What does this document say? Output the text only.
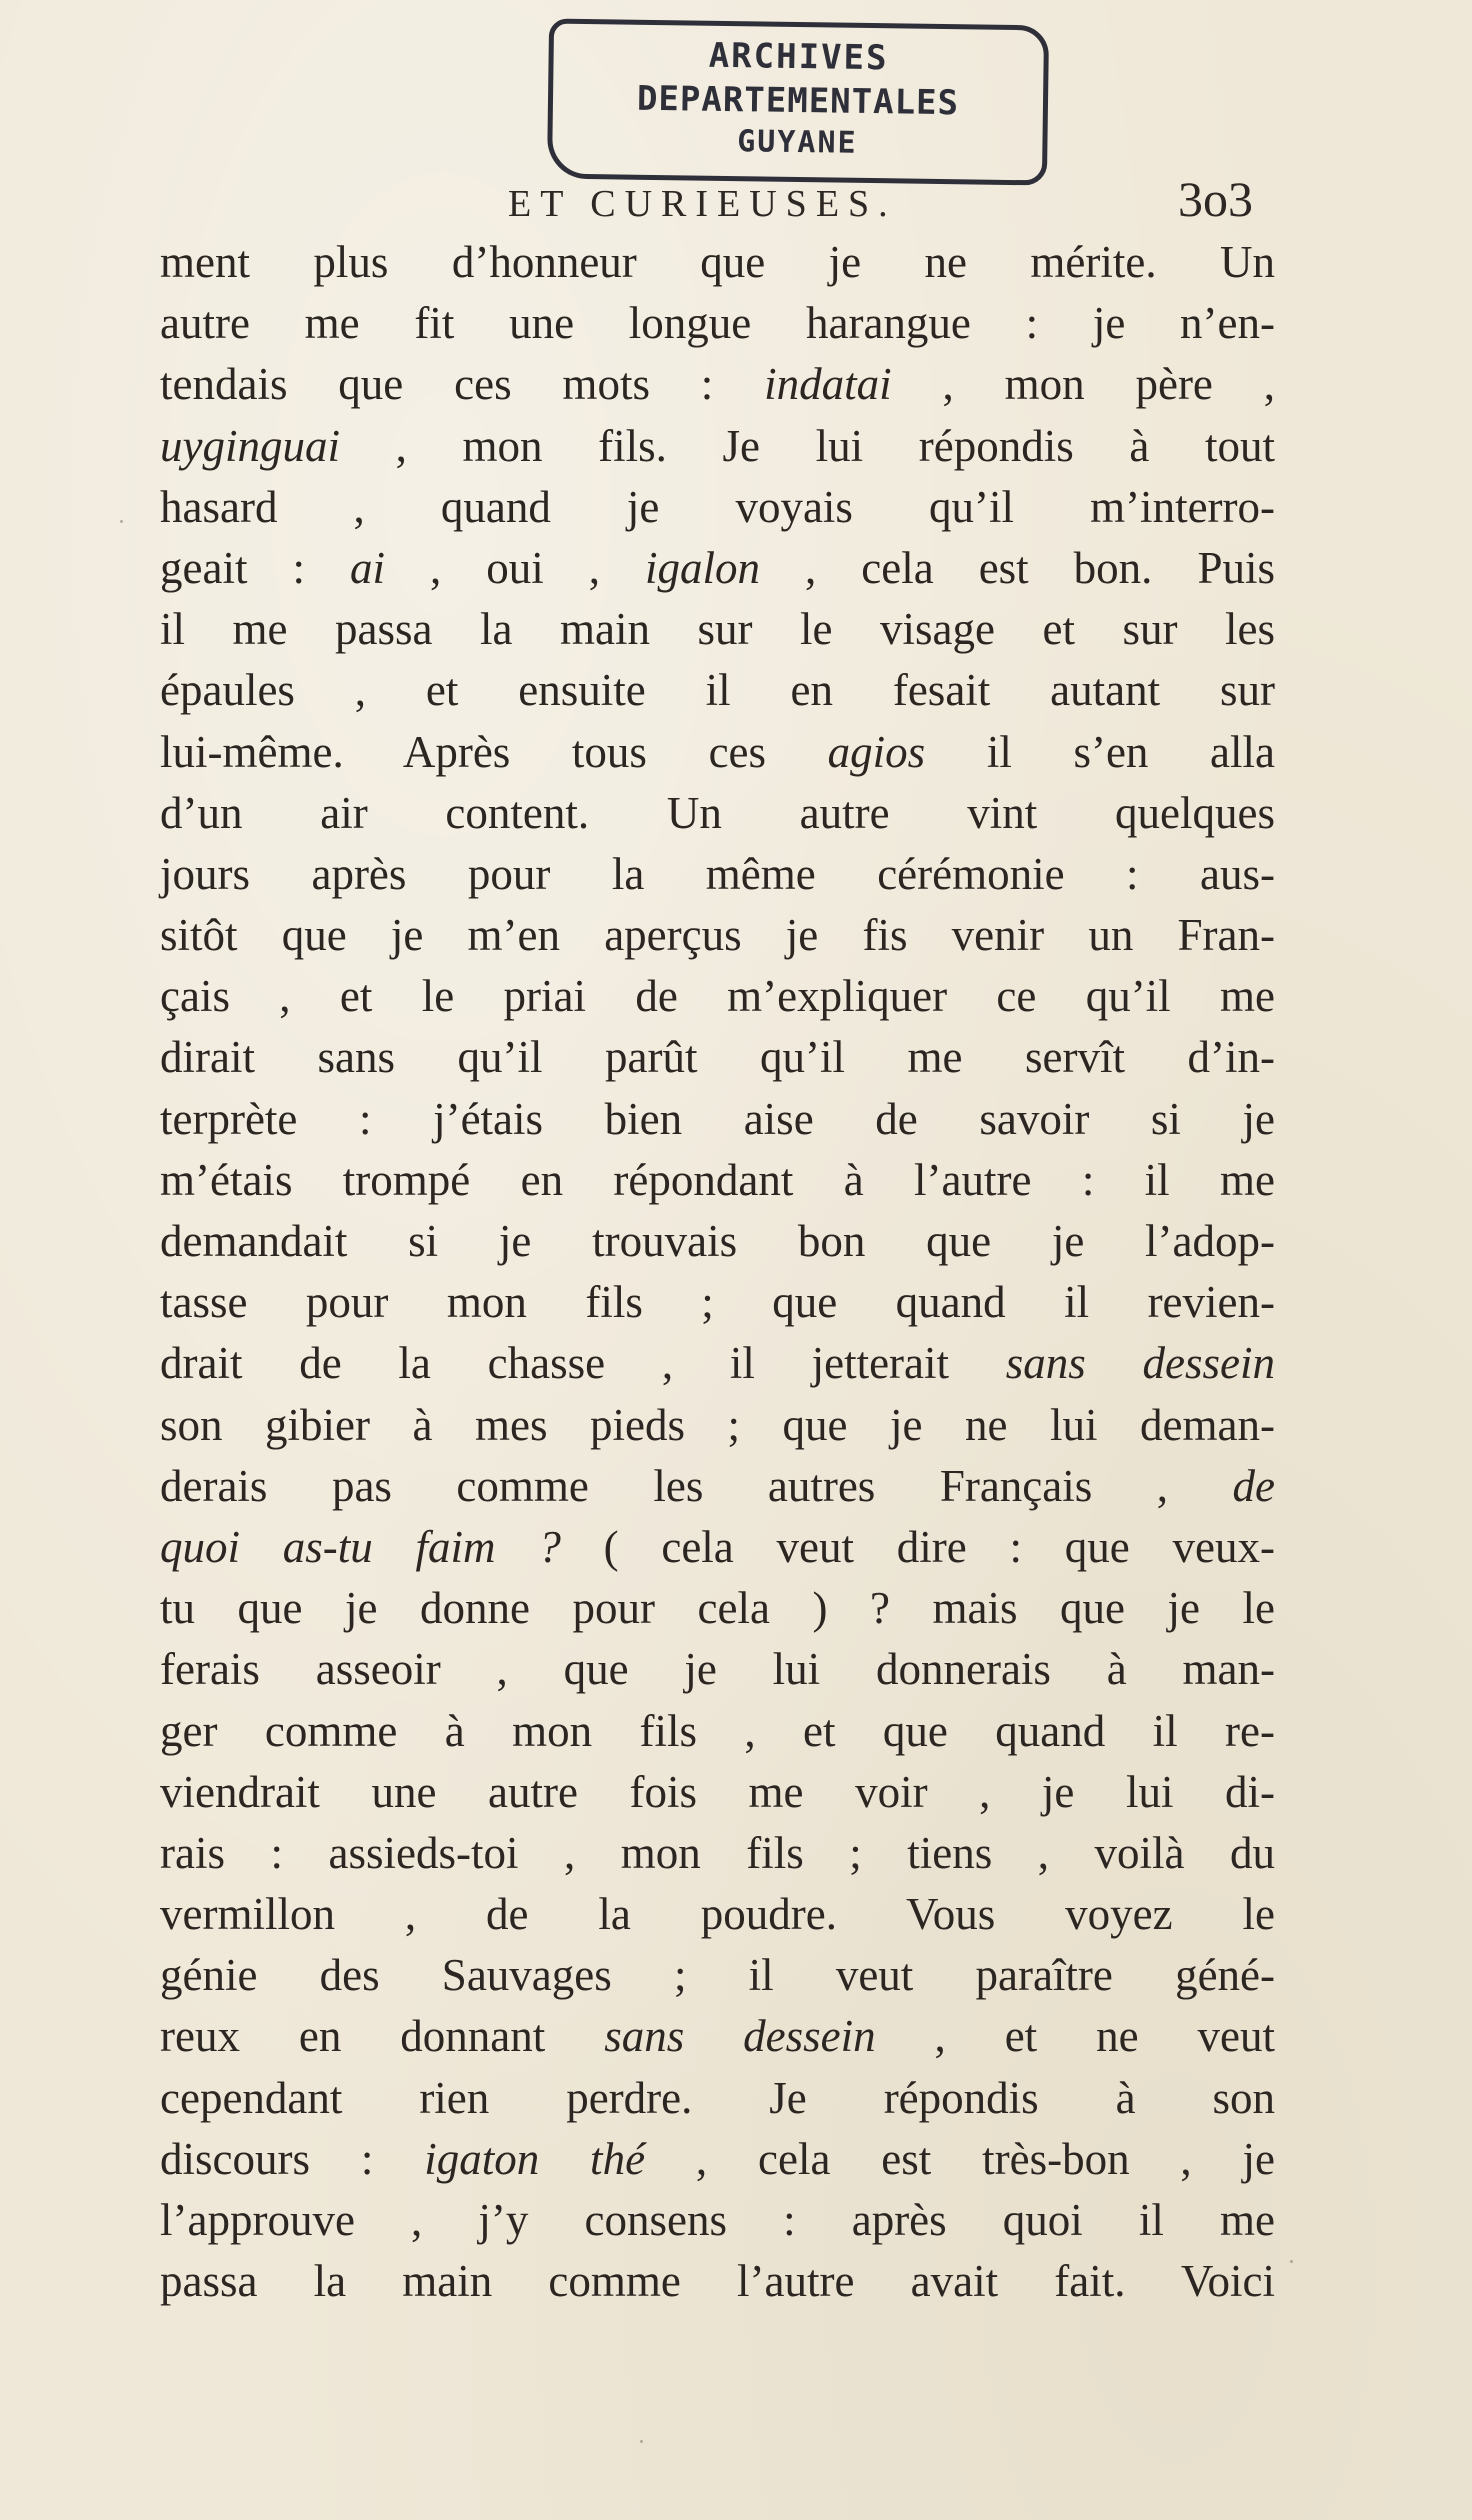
ARCHIVES
DEPARTEMENTALES
GUYANE
ET CURIEUSES.	3o3
ment plus d’honneur que je ne mérite. Un
autre me fit une longue harangue : je n’en-
tendais que ces mots : indatai , mon père ,
uyginguai , mon fils. Je lui répondis à tout
hasard , quand je voyais qu’il m’interro-
geait : ai , oui , igalon , cela est bon. Puis
il me passa la main sur le visage et sur les
épaules , et ensuite il en fesait autant sur
lui-même. Après tous ces agios il s’en alla
d’un air content. Un autre vint quelques
jours après pour la même cérémonie : aus-
sitôt que je m’en aperçus je fis venir un Fran-
çais , et le priai de m’expliquer ce qu’il me
dirait sans qu’il parût qu’il me servît d’in-
terprète : j’étais bien aise de savoir si je
m’étais trompé en répondant à l’autre : il me
demandait si je trouvais bon que je l’adop-
tasse pour mon fils ; que quand il revien-
drait de la chasse , il jetterait sans dessein
son gibier à mes pieds ; que je ne lui deman-
derais pas comme les autres Français , de
quoi as-tu faim ? ( cela veut dire : que veux-
tu que je donne pour cela ) ? mais que je le
ferais asseoir , que je lui donnerais à man-
ger comme à mon fils , et que quand il re-
viendrait une autre fois me voir , je lui di-
rais : assieds-toi , mon fils ; tiens , voilà du
vermillon , de la poudre. Vous voyez le
génie des Sauvages ; il veut paraître géné-
reux en donnant sans dessein , et ne veut
cependant rien perdre. Je répondis à son
discours : igaton thé , cela est très-bon , je
l’approuve , j’y consens : après quoi il me
passa la main comme l’autre avait fait. Voici
